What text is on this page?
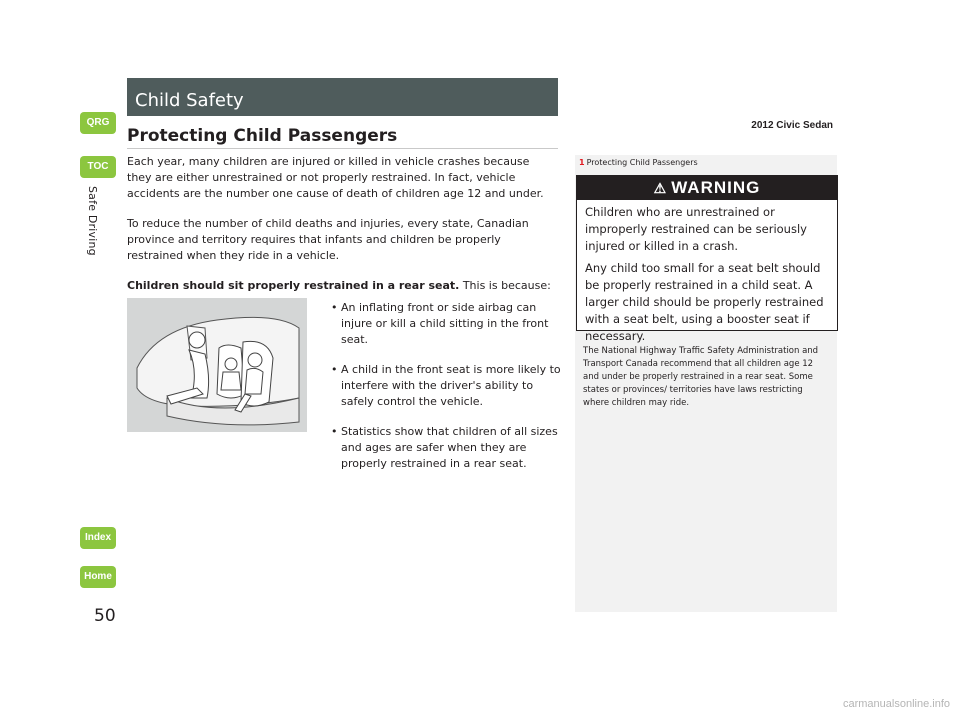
QRG
TOC
Safe Driving
Index
Home
Child Safety
2012 Civic Sedan
Protecting Child Passengers
Each year, many children are injured or killed in vehicle crashes because they are either unrestrained or not properly restrained. In fact, vehicle accidents are the number one cause of death of children age 12 and under.
To reduce the number of child deaths and injuries, every state, Canadian province and territory requires that infants and children be properly restrained when they ride in a vehicle.
Children should sit properly restrained in a rear seat. This is because:
• An inflating front or side airbag can injure or kill a child sitting in the front seat.
• A child in the front seat is more likely to interfere with the driver's ability to safely control the vehicle.
• Statistics show that children of all sizes and ages are safer when they are properly restrained in a rear seat.
1 Protecting Child Passengers
⚠ WARNING
Children who are unrestrained or improperly restrained can be seriously injured or killed in a crash.
Any child too small for a seat belt should be properly restrained in a child seat. A larger child should be properly restrained with a seat belt, using a booster seat if necessary.
The National Highway Traffic Safety Administration and Transport Canada recommend that all children age 12 and under be properly restrained in a rear seat. Some states or provinces/ territories have laws restricting where children may ride.
50
carmanualsonline.info
